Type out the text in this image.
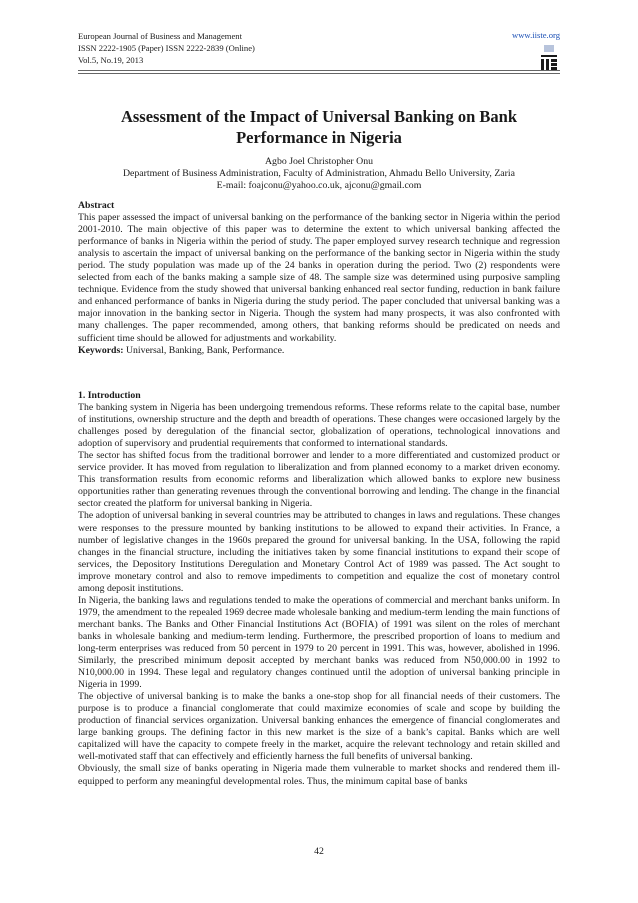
European Journal of Business and Management
ISSN 2222-1905 (Paper) ISSN 2222-2839 (Online)
Vol.5, No.19, 2013
www.iiste.org
Assessment of the Impact of Universal Banking on Bank
Performance in Nigeria
Agbo Joel Christopher Onu
Department of Business Administration, Faculty of Administration, Ahmadu Bello University, Zaria
E-mail: foajconu@yahoo.co.uk, ajconu@gmail.com
Abstract

This paper assessed the impact of universal banking on the performance of the banking sector in Nigeria within the period 2001-2010. The main objective of this paper was to determine the extent to which universal banking affected the performance of banks in Nigeria within the period of study. The paper employed survey research technique and regression analysis to ascertain the impact of universal banking on the performance of the banking sector in Nigeria within the study period. The study population was made up of the 24 banks in operation during the period. Two (2) respondents were selected from each of the banks making a sample size of 48. The sample size was determined using purposive sampling technique. Evidence from the study showed that universal banking enhanced real sector funding, reduction in bank failure and enhanced performance of banks in Nigeria during the study period. The paper concluded that universal banking was a major innovation in the banking sector in Nigeria. Though the system had many prospects, it was also confronted with many challenges. The paper recommended, among others, that banking reforms should be predicated on needs and sufficient time should be allowed for adjustments and workability.

Keywords: Universal, Banking, Bank, Performance.
1. Introduction

The banking system in Nigeria has been undergoing tremendous reforms. These reforms relate to the capital base, number of institutions, ownership structure and the depth and breadth of operations. These changes were occasioned largely by the challenges posed by deregulation of the financial sector, globalization of operations, technological innovations and adoption of supervisory and prudential requirements that conformed to international standards.

The sector has shifted focus from the traditional borrower and lender to a more differentiated and customized product or service provider. It has moved from regulation to liberalization and from planned economy to a market driven economy. This transformation results from economic reforms and liberalization which allowed banks to explore new business opportunities rather than generating revenues through the conventional borrowing and lending. The change in the financial sector created the platform for universal banking in Nigeria.

The adoption of universal banking in several countries may be attributed to changes in laws and regulations. These changes were responses to the pressure mounted by banking institutions to be allowed to expand their activities. In France, a number of legislative changes in the 1960s prepared the ground for universal banking. In the USA, following the rapid changes in the financial structure, including the initiatives taken by some financial institutions to expand their scope of services, the Depository Institutions Deregulation and Monetary Control Act of 1989 was passed. The Act sought to improve monetary control and also to remove impediments to competition and equalize the cost of monetary control among deposit institutions.

In Nigeria, the banking laws and regulations tended to make the operations of commercial and merchant banks uniform. In 1979, the amendment to the repealed 1969 decree made wholesale banking and medium-term lending the main functions of merchant banks. The Banks and Other Financial Institutions Act (BOFIA) of 1991 was silent on the roles of merchant banks in wholesale banking and medium-term lending. Furthermore, the prescribed proportion of loans to medium and long-term enterprises was reduced from 50 percent in 1979 to 20 percent in 1991. This was, however, abolished in 1996. Similarly, the prescribed minimum deposit accepted by merchant banks was reduced from N50,000.00 in 1992 to N10,000.00 in 1994. These legal and regulatory changes continued until the adoption of universal banking principle in Nigeria in 1999.

The objective of universal banking is to make the banks a one-stop shop for all financial needs of their customers. The purpose is to produce a financial conglomerate that could maximize economies of scale and scope by building the production of financial services organization. Universal banking enhances the emergence of financial conglomerates and large banking groups. The defining factor in this new market is the size of a bank’s capital. Banks which are well capitalized will have the capacity to compete freely in the market, acquire the relevant technology and retain skilled and well-motivated staff that can effectively and efficiently harness the full benefits of universal banking.

Obviously, the small size of banks operating in Nigeria made them vulnerable to market shocks and rendered them ill-equipped to perform any meaningful developmental roles. Thus, the minimum capital base of banks

42
